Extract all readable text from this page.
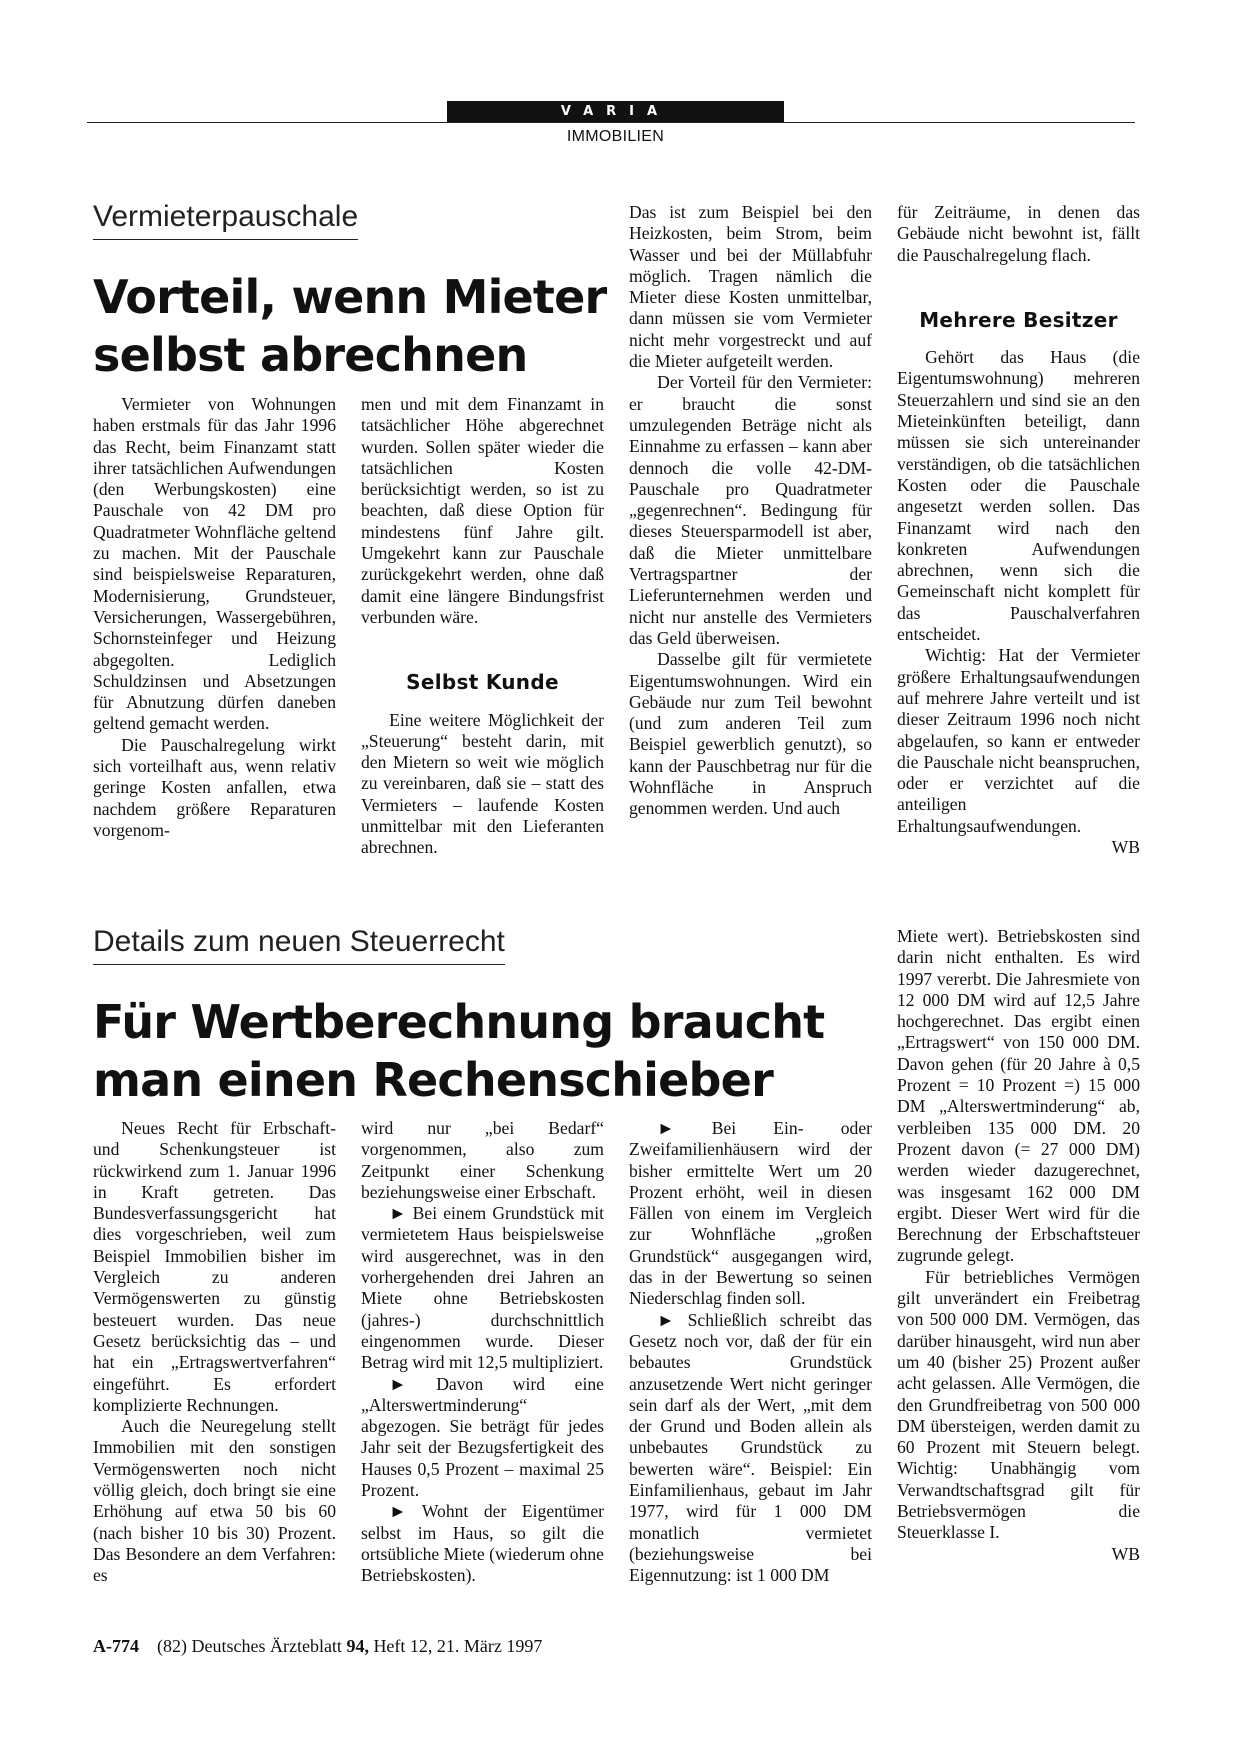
VARIA
IMMOBILIEN
Vermieterpauschale
Vorteil, wenn Mieter selbst abrechnen

Vermieter von Wohnungen haben erstmals für das Jahr 1996 das Recht, beim Finanzamt statt ihrer tatsächlichen Aufwendungen (den Werbungskosten) eine Pauschale von 42 DM pro Quadratmeter Wohnfläche geltend zu machen. Mit der Pauschale sind beispielsweise Reparaturen, Modernisierung, Grundsteuer, Versicherungen, Wassergebühren, Schornsteinfeger und Heizung abgegolten. Lediglich Schuldzinsen und Absetzungen für Abnutzung dürfen daneben geltend gemacht werden.

Die Pauschalregelung wirkt sich vorteilhaft aus, wenn relativ geringe Kosten anfallen, etwa nachdem größere Reparaturen vorgenom-

men und mit dem Finanzamt in tatsächlicher Höhe abgerechnet wurden. Sollen später wieder die tatsächlichen Kosten berücksichtigt werden, so ist zu beachten, daß diese Option für mindestens fünf Jahre gilt. Umgekehrt kann zur Pauschale zurückgekehrt werden, ohne daß damit eine längere Bindungsfrist verbunden wäre.

Selbst Kunde

Eine weitere Möglichkeit der „Steuerung“ besteht darin, mit den Mietern so weit wie möglich zu vereinbaren, daß sie – statt des Vermieters – laufende Kosten unmittelbar mit den Lieferanten abrechnen.

Das ist zum Beispiel bei den Heizkosten, beim Strom, beim Wasser und bei der Müllabfuhr möglich. Tragen nämlich die Mieter diese Kosten unmittelbar, dann müssen sie vom Vermieter nicht mehr vorgestreckt und auf die Mieter aufgeteilt werden.

Der Vorteil für den Vermieter: er braucht die sonst umzulegenden Beträge nicht als Einnahme zu erfassen – kann aber dennoch die volle 42-DM-Pauschale pro Quadratmeter „gegenrechnen“. Bedingung für dieses Steuersparmodell ist aber, daß die Mieter unmittelbare Vertragspartner der Lieferunternehmen werden und nicht nur anstelle des Vermieters das Geld überweisen.

Dasselbe gilt für vermietete Eigentumswohnungen. Wird ein Gebäude nur zum Teil bewohnt (und zum anderen Teil zum Beispiel gewerblich genutzt), so kann der Pauschbetrag nur für die Wohnfläche in Anspruch genommen werden. Und auch

für Zeiträume, in denen das Gebäude nicht bewohnt ist, fällt die Pauschalregelung flach.

Mehrere Besitzer

Gehört das Haus (die Eigentumswohnung) mehreren Steuerzahlern und sind sie an den Mieteinkünften beteiligt, dann müssen sie sich untereinander verständigen, ob die tatsächlichen Kosten oder die Pauschale angesetzt werden sollen. Das Finanzamt wird nach den konkreten Aufwendungen abrechnen, wenn sich die Gemeinschaft nicht komplett für das Pauschalverfahren entscheidet.

Wichtig: Hat der Vermieter größere Erhaltungsaufwendungen auf mehrere Jahre verteilt und ist dieser Zeitraum 1996 noch nicht abgelaufen, so kann er entweder die Pauschale nicht beanspruchen, oder er verzichtet auf die anteiligen Erhaltungsaufwendungen.

WB

Details zum neuen Steuerrecht
Für Wertberechnung braucht man einen Rechenschieber

Neues Recht für Erbschaft- und Schenkungsteuer ist rückwirkend zum 1. Januar 1996 in Kraft getreten. Das Bundesverfassungsgericht hat dies vorgeschrieben, weil zum Beispiel Immobilien bisher im Vergleich zu anderen Vermögenswerten zu günstig besteuert wurden. Das neue Gesetz berücksichtig das – und hat ein „Ertragswertverfahren“ eingeführt. Es erfordert komplizierte Rechnungen.

Auch die Neuregelung stellt Immobilien mit den sonstigen Vermögenswerten noch nicht völlig gleich, doch bringt sie eine Erhöhung auf etwa 50 bis 60 (nach bisher 10 bis 30) Prozent. Das Besondere an dem Verfahren: es

wird nur „bei Bedarf“ vorgenommen, also zum Zeitpunkt einer Schenkung beziehungsweise einer Erbschaft.

► Bei einem Grundstück mit vermietetem Haus beispielsweise wird ausgerechnet, was in den vorhergehenden drei Jahren an Miete ohne Betriebskosten (jahres-) durchschnittlich eingenommen wurde. Dieser Betrag wird mit 12,5 multipliziert.

► Davon wird eine „Alterswertminderung“ abgezogen. Sie beträgt für jedes Jahr seit der Bezugsfertigkeit des Hauses 0,5 Prozent – maximal 25 Prozent.

► Wohnt der Eigentümer selbst im Haus, so gilt die ortsübliche Miete (wiederum ohne Betriebskosten).

► Bei Ein- oder Zweifamilienhäusern wird der bisher ermittelte Wert um 20 Prozent erhöht, weil in diesen Fällen von einem im Vergleich zur Wohnfläche „großen Grundstück“ ausgegangen wird, das in der Bewertung so seinen Niederschlag finden soll.

► Schließlich schreibt das Gesetz noch vor, daß der für ein bebautes Grundstück anzusetzende Wert nicht geringer sein darf als der Wert, „mit dem der Grund und Boden allein als unbebautes Grundstück zu bewerten wäre“. Beispiel: Ein Einfamilienhaus, gebaut im Jahr 1977, wird für 1 000 DM monatlich vermietet (beziehungsweise bei Eigennutzung: ist 1 000 DM

Miete wert). Betriebskosten sind darin nicht enthalten. Es wird 1997 vererbt. Die Jahresmiete von 12 000 DM wird auf 12,5 Jahre hochgerechnet. Das ergibt einen „Ertragswert“ von 150 000 DM. Davon gehen (für 20 Jahre à 0,5 Prozent = 10 Prozent =) 15 000 DM „Alterswertminderung“ ab, verbleiben 135 000 DM. 20 Prozent davon (= 27 000 DM) werden wieder dazugerechnet, was insgesamt 162 000 DM ergibt. Dieser Wert wird für die Berechnung der Erbschaftsteuer zugrunde gelegt.

Für betriebliches Vermögen gilt unverändert ein Freibetrag von 500 000 DM. Vermögen, das darüber hinausgeht, wird nun aber um 40 (bisher 25) Prozent außer acht gelassen. Alle Vermögen, die den Grundfreibetrag von 500 000 DM übersteigen, werden damit zu 60 Prozent mit Steuern belegt. Wichtig: Unabhängig vom Verwandtschaftsgrad gilt für Betriebsvermögen die Steuerklasse I.

WB

A-774 (82) Deutsches Ärzteblatt 94, Heft 12, 21. März 1997
